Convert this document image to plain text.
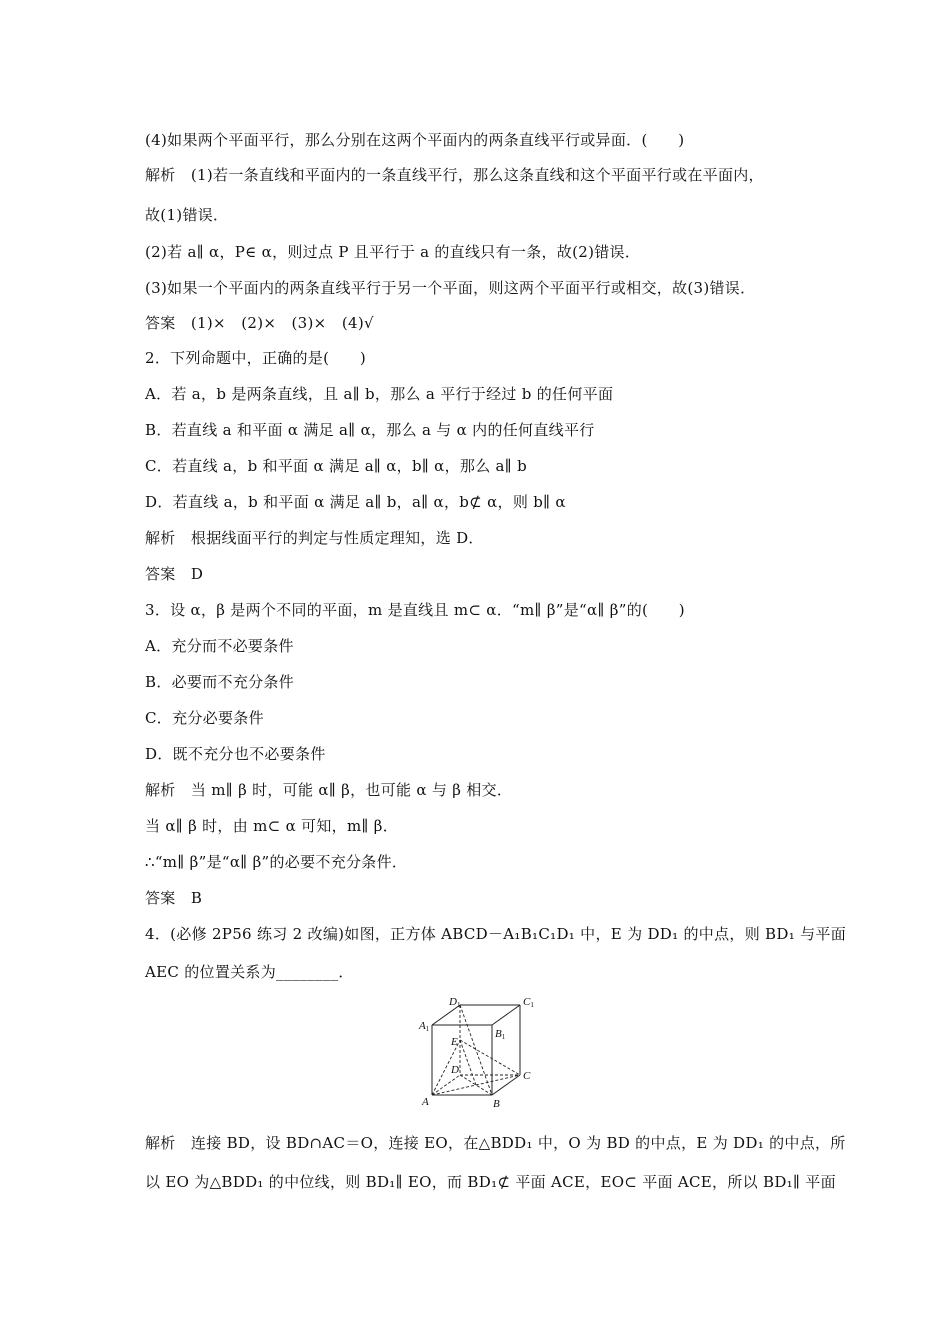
(4)如果两个平面平行，那么分别在这两个平面内的两条直线平行或异面．(　　)
解析　(1)若一条直线和平面内的一条直线平行，那么这条直线和这个平面平行或在平面内，
故(1)错误．
(2)若 a∥ α，P∈ α，则过点 P 且平行于 a 的直线只有一条，故(2)错误．
(3)如果一个平面内的两条直线平行于另一个平面，则这两个平面平行或相交，故(3)错误．
答案　(1)×　(2)×　(3)×　(4)√
2．下列命题中，正确的是(　　)
A．若 a，b 是两条直线，且 a∥ b，那么 a 平行于经过 b 的任何平面
B．若直线 a 和平面 α 满足 a∥ α，那么 a 与 α 内的任何直线平行
C．若直线 a，b 和平面 α 满足 a∥ α，b∥ α，那么 a∥ b
D．若直线 a，b 和平面 α 满足 a∥ b，a∥ α，b⊄ α，则 b∥ α
解析　根据线面平行的判定与性质定理知，选 D．
答案　D
3．设 α，β 是两个不同的平面，m 是直线且 m⊂ α．“m∥ β”是“α∥ β”的(　　)
A．充分而不必要条件
B．必要而不充分条件
C．充分必要条件
D．既不充分也不必要条件
解析　当 m∥ β 时，可能 α∥ β，也可能 α 与 β 相交．
当 α∥ β 时，由 m⊂ α 可知，m∥ β．
∴“m∥ β”是“α∥ β”的必要不充分条件．
答案　B
4．(必修 2P56 练习 2 改编)如图，正方体 ABCD－A₁B₁C₁D₁ 中，E 为 DD₁ 的中点，则 BD₁ 与平面
AEC 的位置关系为________．
D1	C1
A1	B1
E
D	C
A	B
解析　连接 BD，设 BD∩AC＝O，连接 EO，在△BDD₁ 中，O 为 BD 的中点，E 为 DD₁ 的中点，所
以 EO 为△BDD₁ 的中位线，则 BD₁∥ EO，而 BD₁⊄ 平面 ACE，EO⊂ 平面 ACE，所以 BD₁∥ 平面
